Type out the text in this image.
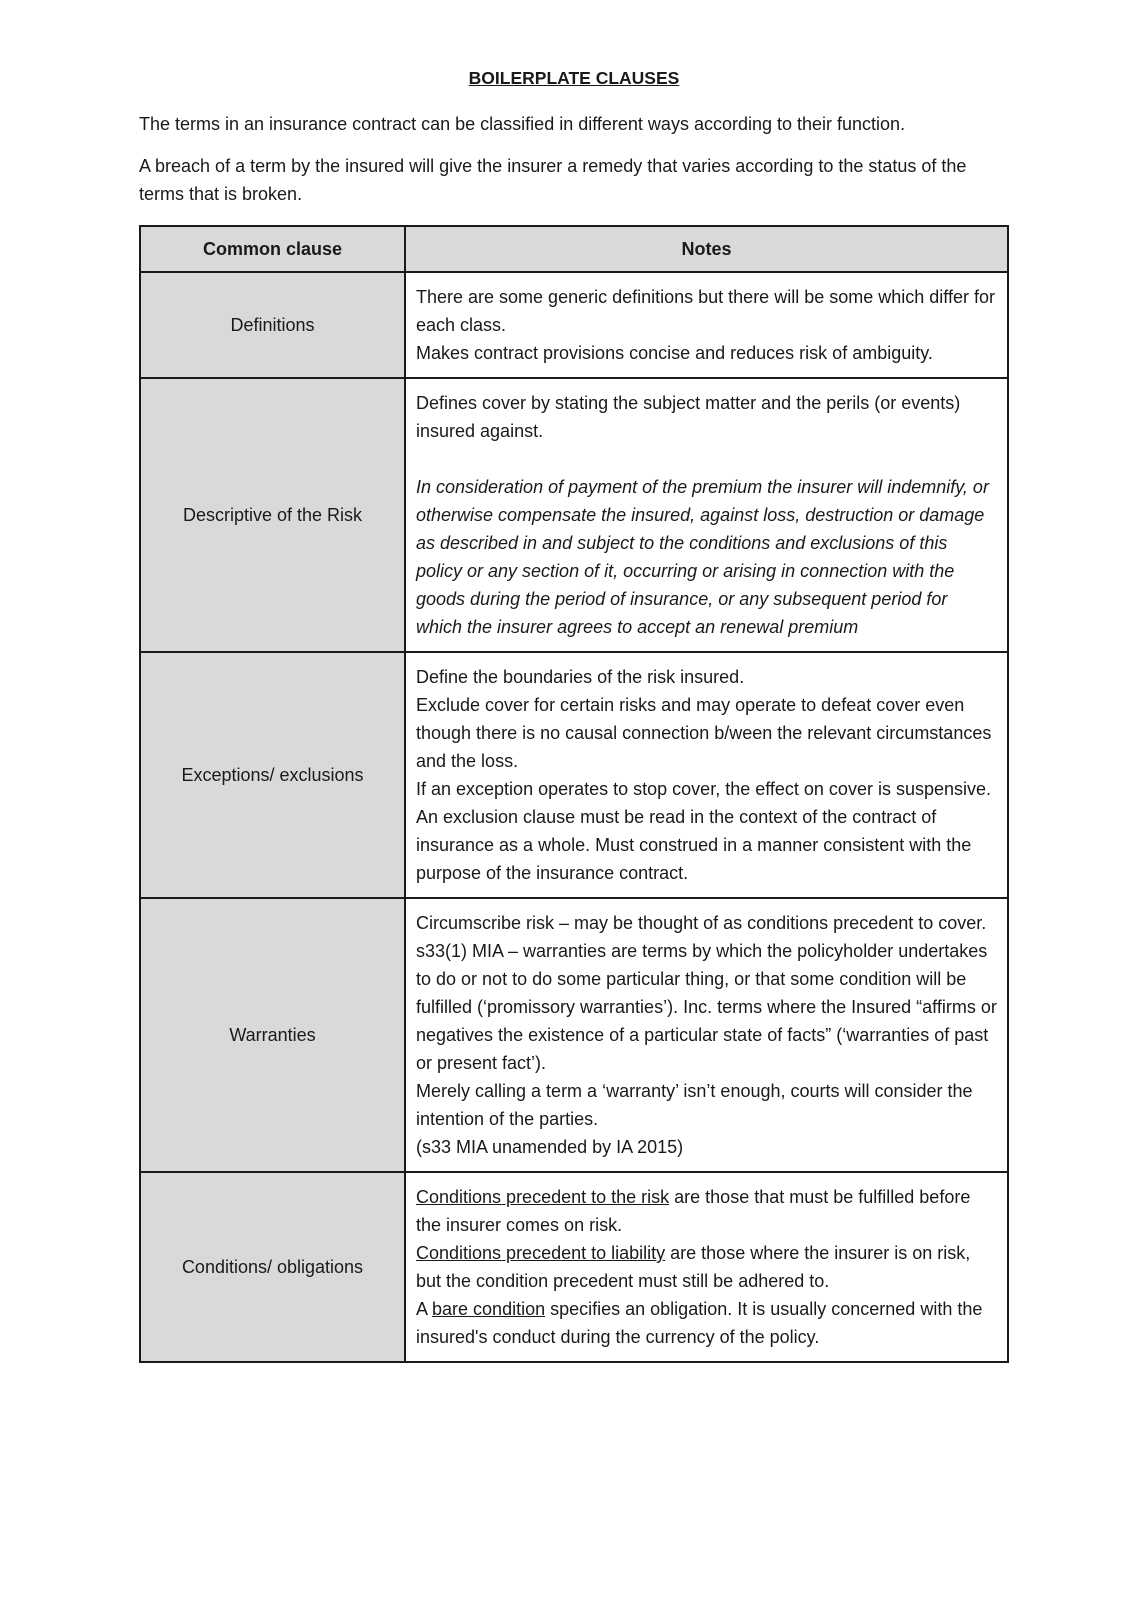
BOILERPLATE CLAUSES

The terms in an insurance contract can be classified in different ways according to their function.

A breach of a term by the insured will give the insurer a remedy that varies according to the status of the terms that is broken.

Common clause	Notes
Definitions	There are some generic definitions but there will be some which differ for each class.

Makes contract provisions concise and reduces risk of ambiguity.

Descriptive of the Risk	Defines cover by stating the subject matter and the perils (or events) insured against.

In consideration of payment of the premium the insurer will indemnify, or otherwise compensate the insured, against loss, destruction or damage as described in and subject to the conditions and exclusions of this policy or any section of it, occurring or arising in connection with the goods during the period of insurance, or any subsequent period for which the insurer agrees to accept an renewal premium

Exceptions/ exclusions	Define the boundaries of the risk insured.

Exclude cover for certain risks and may operate to defeat cover even though there is no causal connection b/ween the relevant circumstances and the loss.

If an exception operates to stop cover, the effect on cover is suspensive.

An exclusion clause must be read in the context of the contract of insurance as a whole. Must construed in a manner consistent with the purpose of the insurance contract.

Warranties	Circumscribe risk – may be thought of as conditions precedent to cover.

s33(1) MIA – warranties are terms by which the policyholder undertakes to do or not to do some particular thing, or that some condition will be fulfilled (‘promissory warranties’). Inc. terms where the Insured “affirms or negatives the existence of a particular state of facts” (‘warranties of past or present fact’).

Merely calling a term a ‘warranty’ isn’t enough, courts will consider the intention of the parties.

(s33 MIA unamended by IA 2015)

Conditions/ obligations	Conditions precedent to the risk are those that must be fulfilled before the insurer comes on risk.

Conditions precedent to liability are those where the insurer is on risk, but the condition precedent must still be adhered to.

A bare condition specifies an obligation. It is usually concerned with the insured's conduct during the currency of the policy.
